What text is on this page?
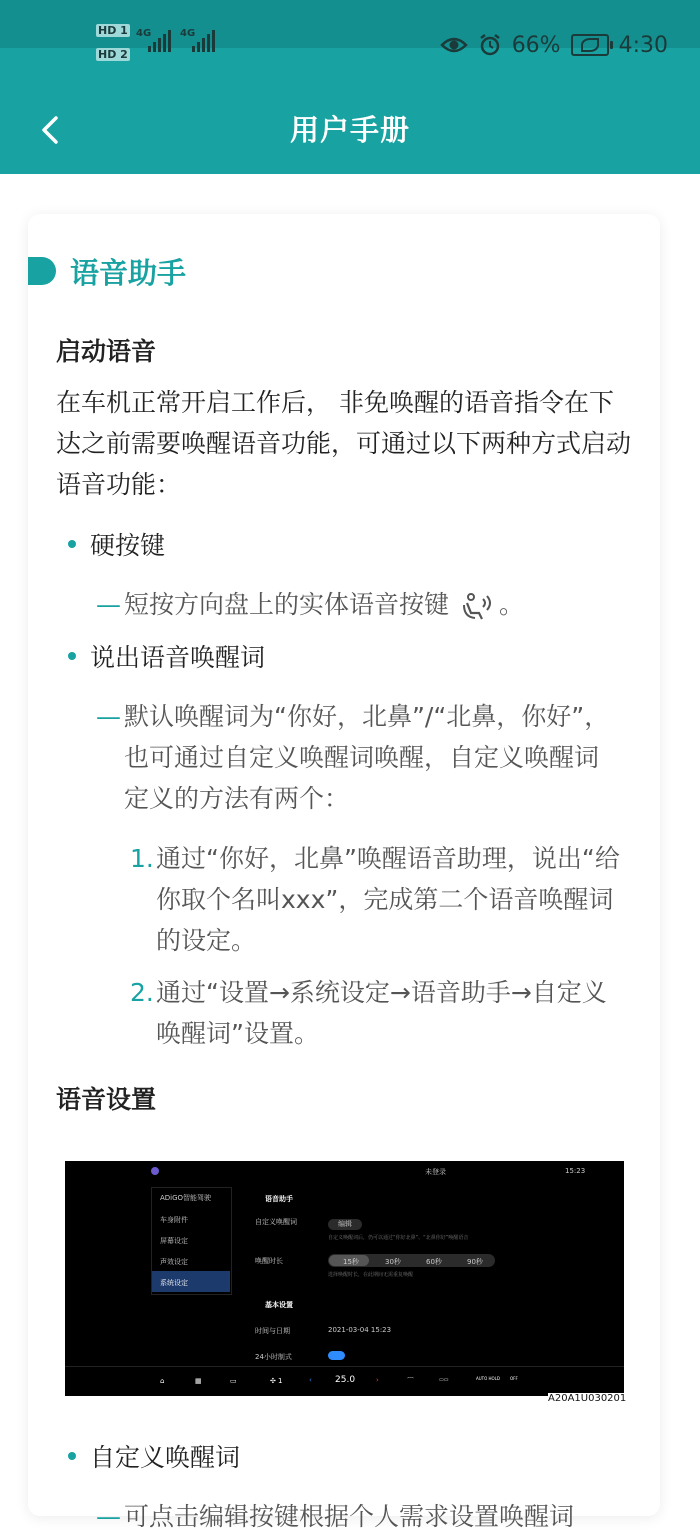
HD 1
HD 2
4G	4G	66%	4:30
用户手册
语音助手
启动语音
在车机正常开启工作后， 非免唤醒的语音指令在下达之前需要唤醒语音功能，可通过以下两种方式启动语音功能：
硬按键
— 短按方向盘上的实体语音按键 。
说出语音唤醒词
— 默认唤醒词为“你好，北鼻”/“北鼻，你好”，
也可通过自定义唤醒词唤醒，自定义唤醒词
定义的方法有两个：
1. 通过“你好，北鼻”唤醒语音助理，说出“给你取个名叫xxx”，完成第二个语音唤醒词的设定。
2. 通过“设置→系统设定→语音助手→自定义唤醒词”设置。
语音设置
未登录	15:23
ADiGO智能驾驶
车身附件
屏幕设定
声效设定
系统设定
语音助手
自定义唤醒词	编辑
自定义唤醒词后，仍可以通过“你好北鼻”、“北鼻你好”唤醒语音
唤醒时长	15秒	30秒	60秒	90秒
选择唤醒时长，在此期间无需重复唤醒
基本设置
时间与日期	2021-03-04 15:23
24小时制式
⌂	▦	▭	✣ 1	‹	25.0	›	⌒	▭▭	AUTO HOLD	OFF
A20A1U030201
自定义唤醒词
— 可点击编辑按键根据个人需求设置唤醒词
